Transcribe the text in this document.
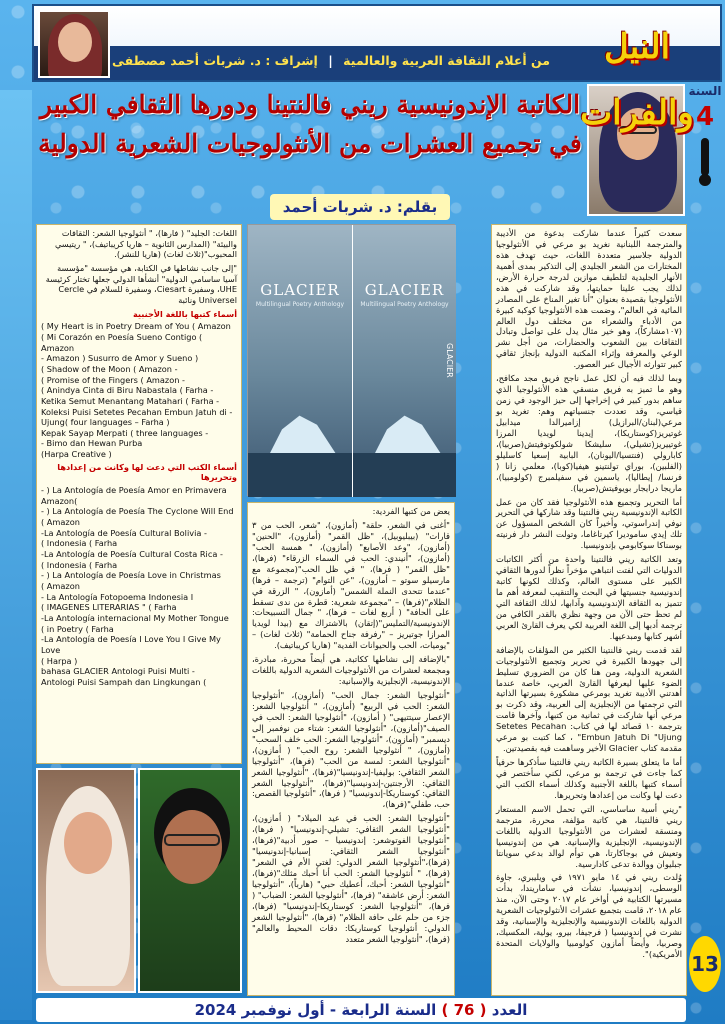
النيل والفرات
من أعلام الثقافة العربية والعالمية | إشراف : د. شربات أحمد مصطفى
السنة
4
الكاتبة الإندونيسية ريني فالنتينا ودورها الثقافي الكبير
في تجميع العشرات من الأنثولوجيات الشعرية الدولية
بقلم: د. شربات أحمد

سعدت كثيراً عندما شاركت بدعوة من الأديبة والمترجمة اللبنانية نغريد بو مرعي في الأنثولوجيا الدولية جلاسير متعددة اللغات، حيث تهدف هذه المختارات من الشعر الجليدي إلى التذكير بمدى أهمية الأنهار الجليدية لتلطيف موازين لدرجة حرارة الأرض، لذلك يجب علينا حمايتها، وقد شاركت في هذه الأنثولوجيا بقصيدة بعنوان "أنا تغير المناخ على المصادر المائية في العالم"، وضمت هذه الأنثولوجيا كوكبة كبيرة من الأدباء والشعراء من مختلف دول العالم (١٠٧مشاركاً)، وهو خير مثال يدل على تواصل وتبادل الثقافات بين الشعوب والحضارات، من أجل نشر الوعي والمعرفة وإثراء المكتبة الدولية بإنجاز ثقافي كبير تتوارثه الأجيال عبر العصور.

وبما لذلك فيه أن لكل عمل ناجح فريق مجد مكافح، وهو ما تميز به فريق منسقي هذه الأنثولوجيا الذي ساهم بدور كبير في إخراجها إلى حيز الوجود في زمن قياسي، وقد تعددت جنسياتهم وهم: تغريد بو مرعي(لبنان/البرازيل) إزاميرالدا ميدابيل غوتيريز(كوستاريكا)، إيدينا لويديا المرزا غوتييريز(تشيلي)، سليشكا شولكوتوفيتش(صربيا)، كابارولي (فنتسيا/اليونان)، البابية إسعيا كاسليلو (الفلبين)، بوراي تولنتينو هيفيا(كوبا)، معلمي زانا ( فرنسا/ إيطاليا)، ياسمين في سفيلمبرج (كولومبيا)، ماريجا درايجار بويوفيتش(صربيا).

أما التحرير وتجميع هذه الأنثولوجيا فقد كان من عمل الكاتبة الإندونيسية ريني فالنتينا وقد شاركها في التحرير نوفي إندراسوتي، وأخيراً كان الشخص المسؤول عن تلك إيدي ساموديرا كيرتاغاما، وتولت النشر دار فرنيته بوسناكا سوكابومي بإندونيسيا.

وتعد الكاتبة ريني فالنتينا واحدة من أكثر الكاتبات الدوليات التي لفتت انتباهي مؤخراً نظراً لدورها الثقافي الكبير على مستوى العالم، وكذلك لكونها كاتبة إندونيسية جنسيتها في البحث والتنقيب لمعرفة أهم ما تتميز به الثقافة الإندونيسية وآدابها، لذلك الثقافة التي لم تحظ حتى الآن من وجهة نظري بالقدر الكافي من ترجمة أدبها إلى اللغة العربية لكي يعرف القارئ العربي أشهر كتابها ومبدعيها.

لقد قدمت ريني فالنتينا الكثير من المؤلفات بالإضافة إلى جهودها الكبيرة في تحرير وتجميع الأنثولوجيات الشعرية الدولية، ومن هنا كان من الضروري تسليط الضوء عليها ليعرفها القارئ العربي، خاصة عندما أهدتني الأديبة تغريد بومرعي مشكورة بسيرتها الذاتية التي ترجمتها من الإنجليزية إلى العربية، وقد ذكرت بو مرعي أنها شاركت في ثمانية من كتبها، وآخرها قامت بترجمة ١٠ قصائد لها في كتاب: Setetes Pecahan Embun Jatuh Di "Ujung" ، كما كتبت بو مرعي مقدمة كتاب Glacier الأخير وساهمت فيه بقصيدتين.

أما ما يتعلق بسيرة الكاتبة ريني فالنتينا سأذكرها حرفياً كما جاءت في ترجمة بو مرعي، لكني سأختصر في أسماء كتبها باللغة الأجنبية وكذلك أسماء الكتب التي دعت لها وكانت من إعدادها وتحريرها.

"ريني أسية ساساسي، التي تحمل الاسم المستعار ريني فالنتينا، هي كاتبة مؤلفة، محررة، مترجمة ومنسقة لعشرات من الأنثولوجيا الدولية باللغات الإندونيسية، الإنجليزية والإسبانية. هي من إندونيسيا وتعيش في بوجاكارتا، هي توأم لوالد بدعي سويانتا جبليوان ووالدة تدعى كادارسية.

وُلدت ريني في ١٤ مايو ١٩٧١ في ويليبري، جاوة الوسطى، إندونيسيا، نشأت في ساماريندا، بدأت مسيرتها الكتابية في أواخر عام ٢٠١٧ وحتى الآن، منذ عام ٢٠١٨، قامت بتجميع عشرات الأنثولوجيات الشعرية الدولية باللغات الإندونيسية والإنجليزية والإسبانية، وقد نشرت في إندونيسيا ( فرجيفا، بيرو، يولية، المكسيك، وصربيا، وأيضاً أمازون كولومبيا والولايات المتحدة الأمريكية)".

GLACIER
Multilingual Poetry Anthology
GLACIER
Multilingual Poetry Anthology
GLACIER

يعض من كتبها الفردية:

"أغنى في الشعر، حلقة" (أمازون)، "شعر، الحب من ٣ قارات" (بيبليوبيل)، "ظل القمر" (أمازون)، "الحنين" (أمازون)، "وعد الأصابع" (أمازون)، " همسة الحب" (أمازون)، "أنيندي: الحب في السماء الزرقاء" (فرها)، "ظل القمر" ( فرها)، " في ظل الحب"(مجموعة مع مارسيلو سوتو – أمازون)، "عن التوام" (ترجمة – فرها) "عندما تتحدى النملة الشمس" (أمازون)، " الزرقة في الظلام"(فرها) – "مجموعة شعرية: قطرة من ندى تسقط على الحافة" ( أربع لغات – فرها)، " جمال التسبيحات: الإندونيسية/التمليس"(إتقان) بالاشتراك مع (بيدا لويديا المرازا جوتيريز – "رفرفة جناح الحمامة" (ثلاث لغات) – "يوميات، الحب والحيوانات الفدية" (هاريا كريباتيف).

"بالإضافة إلى نشاطها ككاتبة، هي أيضاً محررة، مبادرة، ومجمعة لعشرات من الأنثولوجيات الشعرية الدولية باللغات الإندونيسية، الإنجليزية والإسبانية:

"أنثولوجيا الشعر: جمال الحب" (أمازون)، "أنثولوجيا الشعر: الحب في الربيع" (أمازون)، " أنثولوجيا الشعر: الإعصار سيتتيهى" ( أمازون)، "أنثولوجيا الشعر: الحب في الصيف"(أمازون)، "أنثولوجيا الشعر: شتاء من نوفمبر إلى ديسمبر" (أمازون)، "أنثولوجيا الشعر: الحب خلف السحب" (أمازون)، " أنثولوجيا الشعر: روح الحب" ( أمازون)، "أنثولوجيا الشعر: لمسة من الحب" (فرها)، "أنثولوجيا الشعر الثقافي: بوليفيا-إندونيسيا"(فرها)، "أنثولوجيا الشعر الثقافي: الأرجنتين-إندونيسيا"(فرها)، "أنثولوجيا الشعر الثقافي: كوستاريكا-إندونيسيا" ( فرها)، "أنثولوجيا القصص: حب، طفلي"(فرها)،

"أنثولوجيا الشعر: الحب في عيد الميلاد" ( أمازون)، "أنثولوجيا الشعر الثقافي: تشيلي-إندونيسيا" ( فرها)، "أنثولوجيا الفوتوشعر: إندونيسيا – صور أدبية"(فرها)، "أنثولوجيا الشعر الثقافي: إسبانيا-إندونيسيا" (فرها)،"أنثولوجيا الشعر الدولي: لغتي الأم في الشعر" (فرها)، " أنثولوجيا الشعر: الحب أنا أحبك مثلك"(فرها)، "أنثولوجيا الشعر: أحبك، أعطيك حبي" (هارباً)، "أنثولوجيا الشعر: أرض عاشقة" (فرها)، "أنثولوجيا الشعر: الضباب" ( فرها)، "أنثولوجيا الشعر: كوستاريكا-إندونيسيا" (فرها)، جزء من حلم على حافة الظلام" (فرها)، "أنثولوجيا الشعر الدولي: أنثولوجيا كوستاريكا: دقات المحيط والعالم" (فرها)، "أنثولوجيا الشعر متعدد

اللغات: الجليد" ( فارها)، " أنثولوجيا الشعر: الثقافات والبيئة" (المدارس الثانوية – هاريا كريباتيف)، " ريتيسي المحبوب"(ثلاث لغات) (هاريا للنشر).

"إلى جانب نشاطها في الكتابة، هي مؤسسة "مؤسسة آسيا ساسامي الدولية" أنشأها الدولي جعلها تختار كرئيسة UHE، وسفيرة Ciesart، وسفيرة للسلام في Cercle Universel ونائبة

أسماء كتبها باللغة الأجنبية
( My Heart is in Poetry Dream of You ( Amazon
( Mi Corazón en Poesía Sueno Contigo ( Amazon
- Amazon ) Susurro de Amor y Sueno )
( Shadow of the Moon ( Amazon -
( Promise of the Fingers ( Amazon -
( Anindya Cinta di Biru Nabastala ( Farha -
Ketika Semut Menantang Matahari ( Farha -
Koleksi Puisi Setetes Pecahan Embun Jatuh di -
Ujung( four languages – Farha )
Kepak Sayap Merpati ( three languages -
- Bimo dan Hewan Purba
(Harpa Creative )
أسماء الكتب التي دعت لها وكانت من إعدادها وتحريرها
- ) La Antología de Poesía Amor en Primavera
Amazon(
- ) La Antología de Poesía The Cyclone Will End
( Amazon
-La Antología de Poesía Cultural Bolivia -
( Indonesia ( Farha
-La Antología de Poesía Cultural Costa Rica -
( Indonesia ( Farha
- ) La Antología de Poesía Love in Christmas
( Amazon
- La Antología Fotopoema Indonesia I
( IMAGENES LITERARIAS " ( Farha
-La Antología internacional My Mother Tongue
( in Poetry ( Farha
-La Antología de Poesía I Love You I Give My Love
( Harpa )
bahasa GLACIER Antologi Puisi Multi -
Antologi Puisi Sampah dan Lingkungan (
13
العدد ( 76 ) السنة الرابعة - أول نوفمبر 2024
